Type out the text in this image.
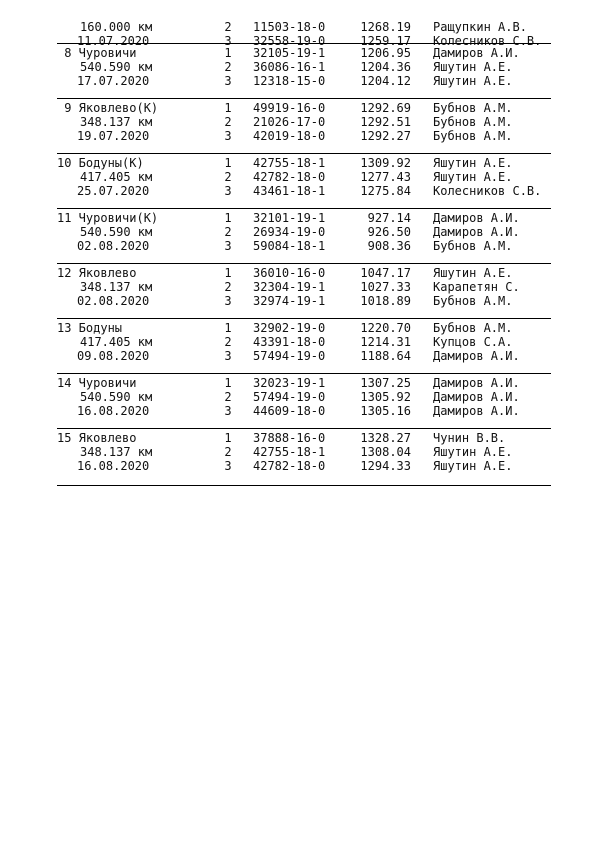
160.000 км	2 11503-18-0	1268.19 Ращупкин А.В.
11.07.2020	3 32558-19-0	1259.17 Колесников С.В.
8 Чуровичи	1 32105-19-1	1206.95 Дамиров А.И.
540.590 км	2 36086-16-1	1204.36 Яшутин А.Е.
17.07.2020	3 12318-15-0	1204.12 Яшутин А.Е.
9 Яковлево(К)	1 49919-16-0	1292.69 Бубнов А.М.
348.137 км	2 21026-17-0	1292.51 Бубнов А.М.
19.07.2020	3 42019-18-0	1292.27 Бубнов А.М.
10 Бодуны(К)	1 42755-18-1	1309.92 Яшутин А.Е.
417.405 км	2 42782-18-0	1277.43 Яшутин А.Е.
25.07.2020	3 43461-18-1	1275.84 Колесников С.В.
11 Чуровичи(К)	1 32101-19-1	927.14 Дамиров А.И.
540.590 км	2 26934-19-0	926.50 Дамиров А.И.
02.08.2020	3 59084-18-1	908.36 Бубнов А.М.
12 Яковлево	1 36010-16-0	1047.17 Яшутин А.Е.
348.137 км	2 32304-19-1	1027.33 Карапетян С.
02.08.2020	3 32974-19-1	1018.89 Бубнов А.М.
13 Бодуны	1 32902-19-0	1220.70 Бубнов А.М.
417.405 км	2 43391-18-0	1214.31 Купцов С.А.
09.08.2020	3 57494-19-0	1188.64 Дамиров А.И.
14 Чуровичи	1 32023-19-1	1307.25 Дамиров А.И.
540.590 км	2 57494-19-0	1305.92 Дамиров А.И.
16.08.2020	3 44609-18-0	1305.16 Дамиров А.И.
15 Яковлево	1 37888-16-0	1328.27 Чунин В.В.
348.137 км	2 42755-18-1	1308.04 Яшутин А.Е.
16.08.2020	3 42782-18-0	1294.33 Яшутин А.Е.
